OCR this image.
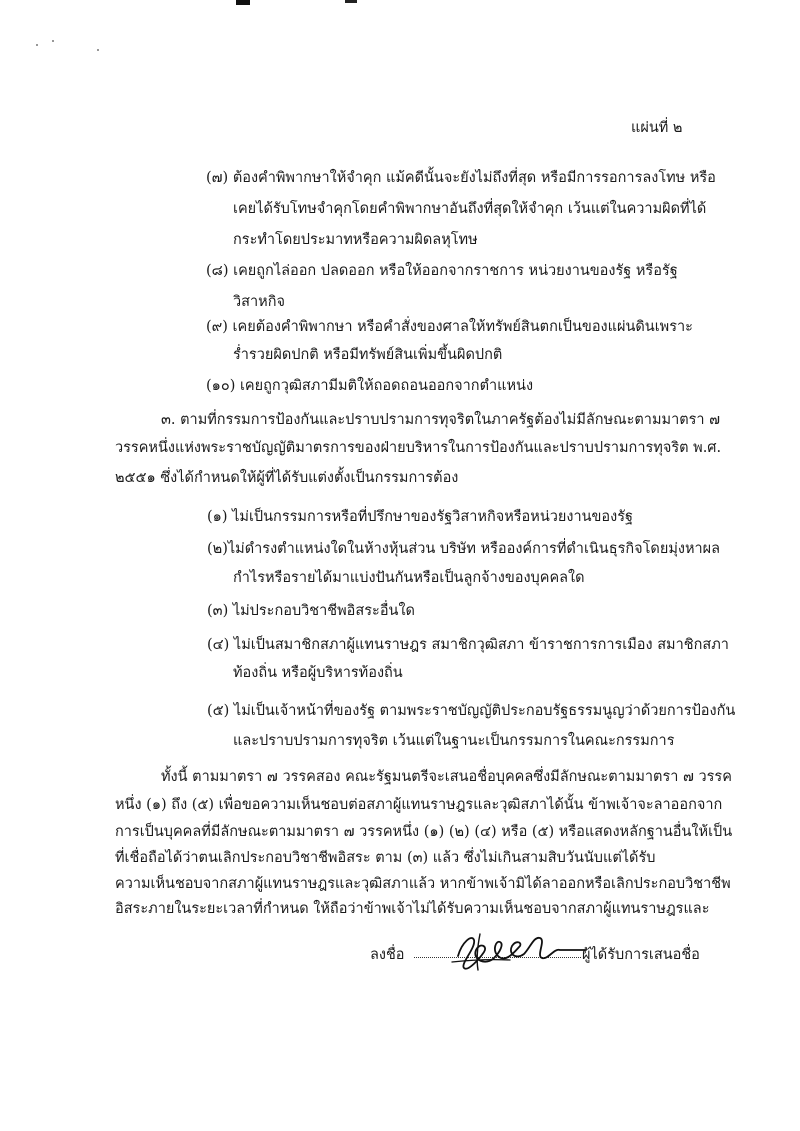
แผ่นที่ ๒
(๗) ต้องคำพิพากษาให้จำคุก แม้คดีนั้นจะยังไม่ถึงที่สุด หรือมีการรอการลงโทษ หรือ
เคยได้รับโทษจำคุกโดยคำพิพากษาอันถึงที่สุดให้จำคุก เว้นแต่ในความผิดที่ได้
กระทำโดยประมาทหรือความผิดลหุโทษ
(๘) เคยถูกไล่ออก ปลดออก หรือให้ออกจากราชการ หน่วยงานของรัฐ หรือรัฐ
วิสาหกิจ
(๙) เคยต้องคำพิพากษา หรือคำสั่งของศาลให้ทรัพย์สินตกเป็นของแผ่นดินเพราะ
ร่ำรวยผิดปกติ หรือมีทรัพย์สินเพิ่มขึ้นผิดปกติ
(๑๐) เคยถูกวุฒิสภามีมติให้ถอดถอนออกจากตำแหน่ง
๓. ตามที่กรรมการป้องกันและปราบปรามการทุจริตในภาครัฐต้องไม่มีลักษณะตามมาตรา ๗
วรรคหนึ่งแห่งพระราชบัญญัติมาตรการของฝ่ายบริหารในการป้องกันและปราบปรามการทุจริต พ.ศ.
๒๕๕๑ ซึ่งได้กำหนดให้ผู้ที่ได้รับแต่งตั้งเป็นกรรมการต้อง
(๑) ไม่เป็นกรรมการหรือที่ปรึกษาของรัฐวิสาหกิจหรือหน่วยงานของรัฐ
(๒)ไม่ดำรงตำแหน่งใดในห้างหุ้นส่วน บริษัท หรือองค์การที่ดำเนินธุรกิจโดยมุ่งหาผล
กำไรหรือรายได้มาแบ่งปันกันหรือเป็นลูกจ้างของบุคคลใด
(๓) ไม่ประกอบวิชาชีพอิสระอื่นใด
(๔) ไม่เป็นสมาชิกสภาผู้แทนราษฎร สมาชิกวุฒิสภา ข้าราชการการเมือง สมาชิกสภา
ท้องถิ่น หรือผู้บริหารท้องถิ่น
(๕) ไม่เป็นเจ้าหน้าที่ของรัฐ ตามพระราชบัญญัติประกอบรัฐธรรมนูญว่าด้วยการป้องกัน
และปราบปรามการทุจริต เว้นแต่ในฐานะเป็นกรรมการในคณะกรรมการ
ทั้งนี้ ตามมาตรา ๗ วรรคสอง คณะรัฐมนตรีจะเสนอชื่อบุคคลซึ่งมีลักษณะตามมาตรา ๗ วรรค
หนึ่ง (๑) ถึง (๕) เพื่อขอความเห็นชอบต่อสภาผู้แทนราษฎรและวุฒิสภาได้นั้น ข้าพเจ้าจะลาออกจาก
การเป็นบุคคลที่มีลักษณะตามมาตรา ๗ วรรคหนึ่ง (๑) (๒) (๔) หรือ (๕) หรือแสดงหลักฐานอื่นให้เป็น
ที่เชื่อถือได้ว่าตนเลิกประกอบวิชาชีพอิสระ ตาม (๓) แล้ว ซึ่งไม่เกินสามสิบวันนับแต่ได้รับ
ความเห็นชอบจากสภาผู้แทนราษฎรและวุฒิสภาแล้ว หากข้าพเจ้ามิได้ลาออกหรือเลิกประกอบวิชาชีพ
อิสระภายในระยะเวลาที่กำหนด ให้ถือว่าข้าพเจ้าไม่ได้รับความเห็นชอบจากสภาผู้แทนราษฎรและ
ลงชื่อ	ผู้ได้รับการเสนอชื่อ
